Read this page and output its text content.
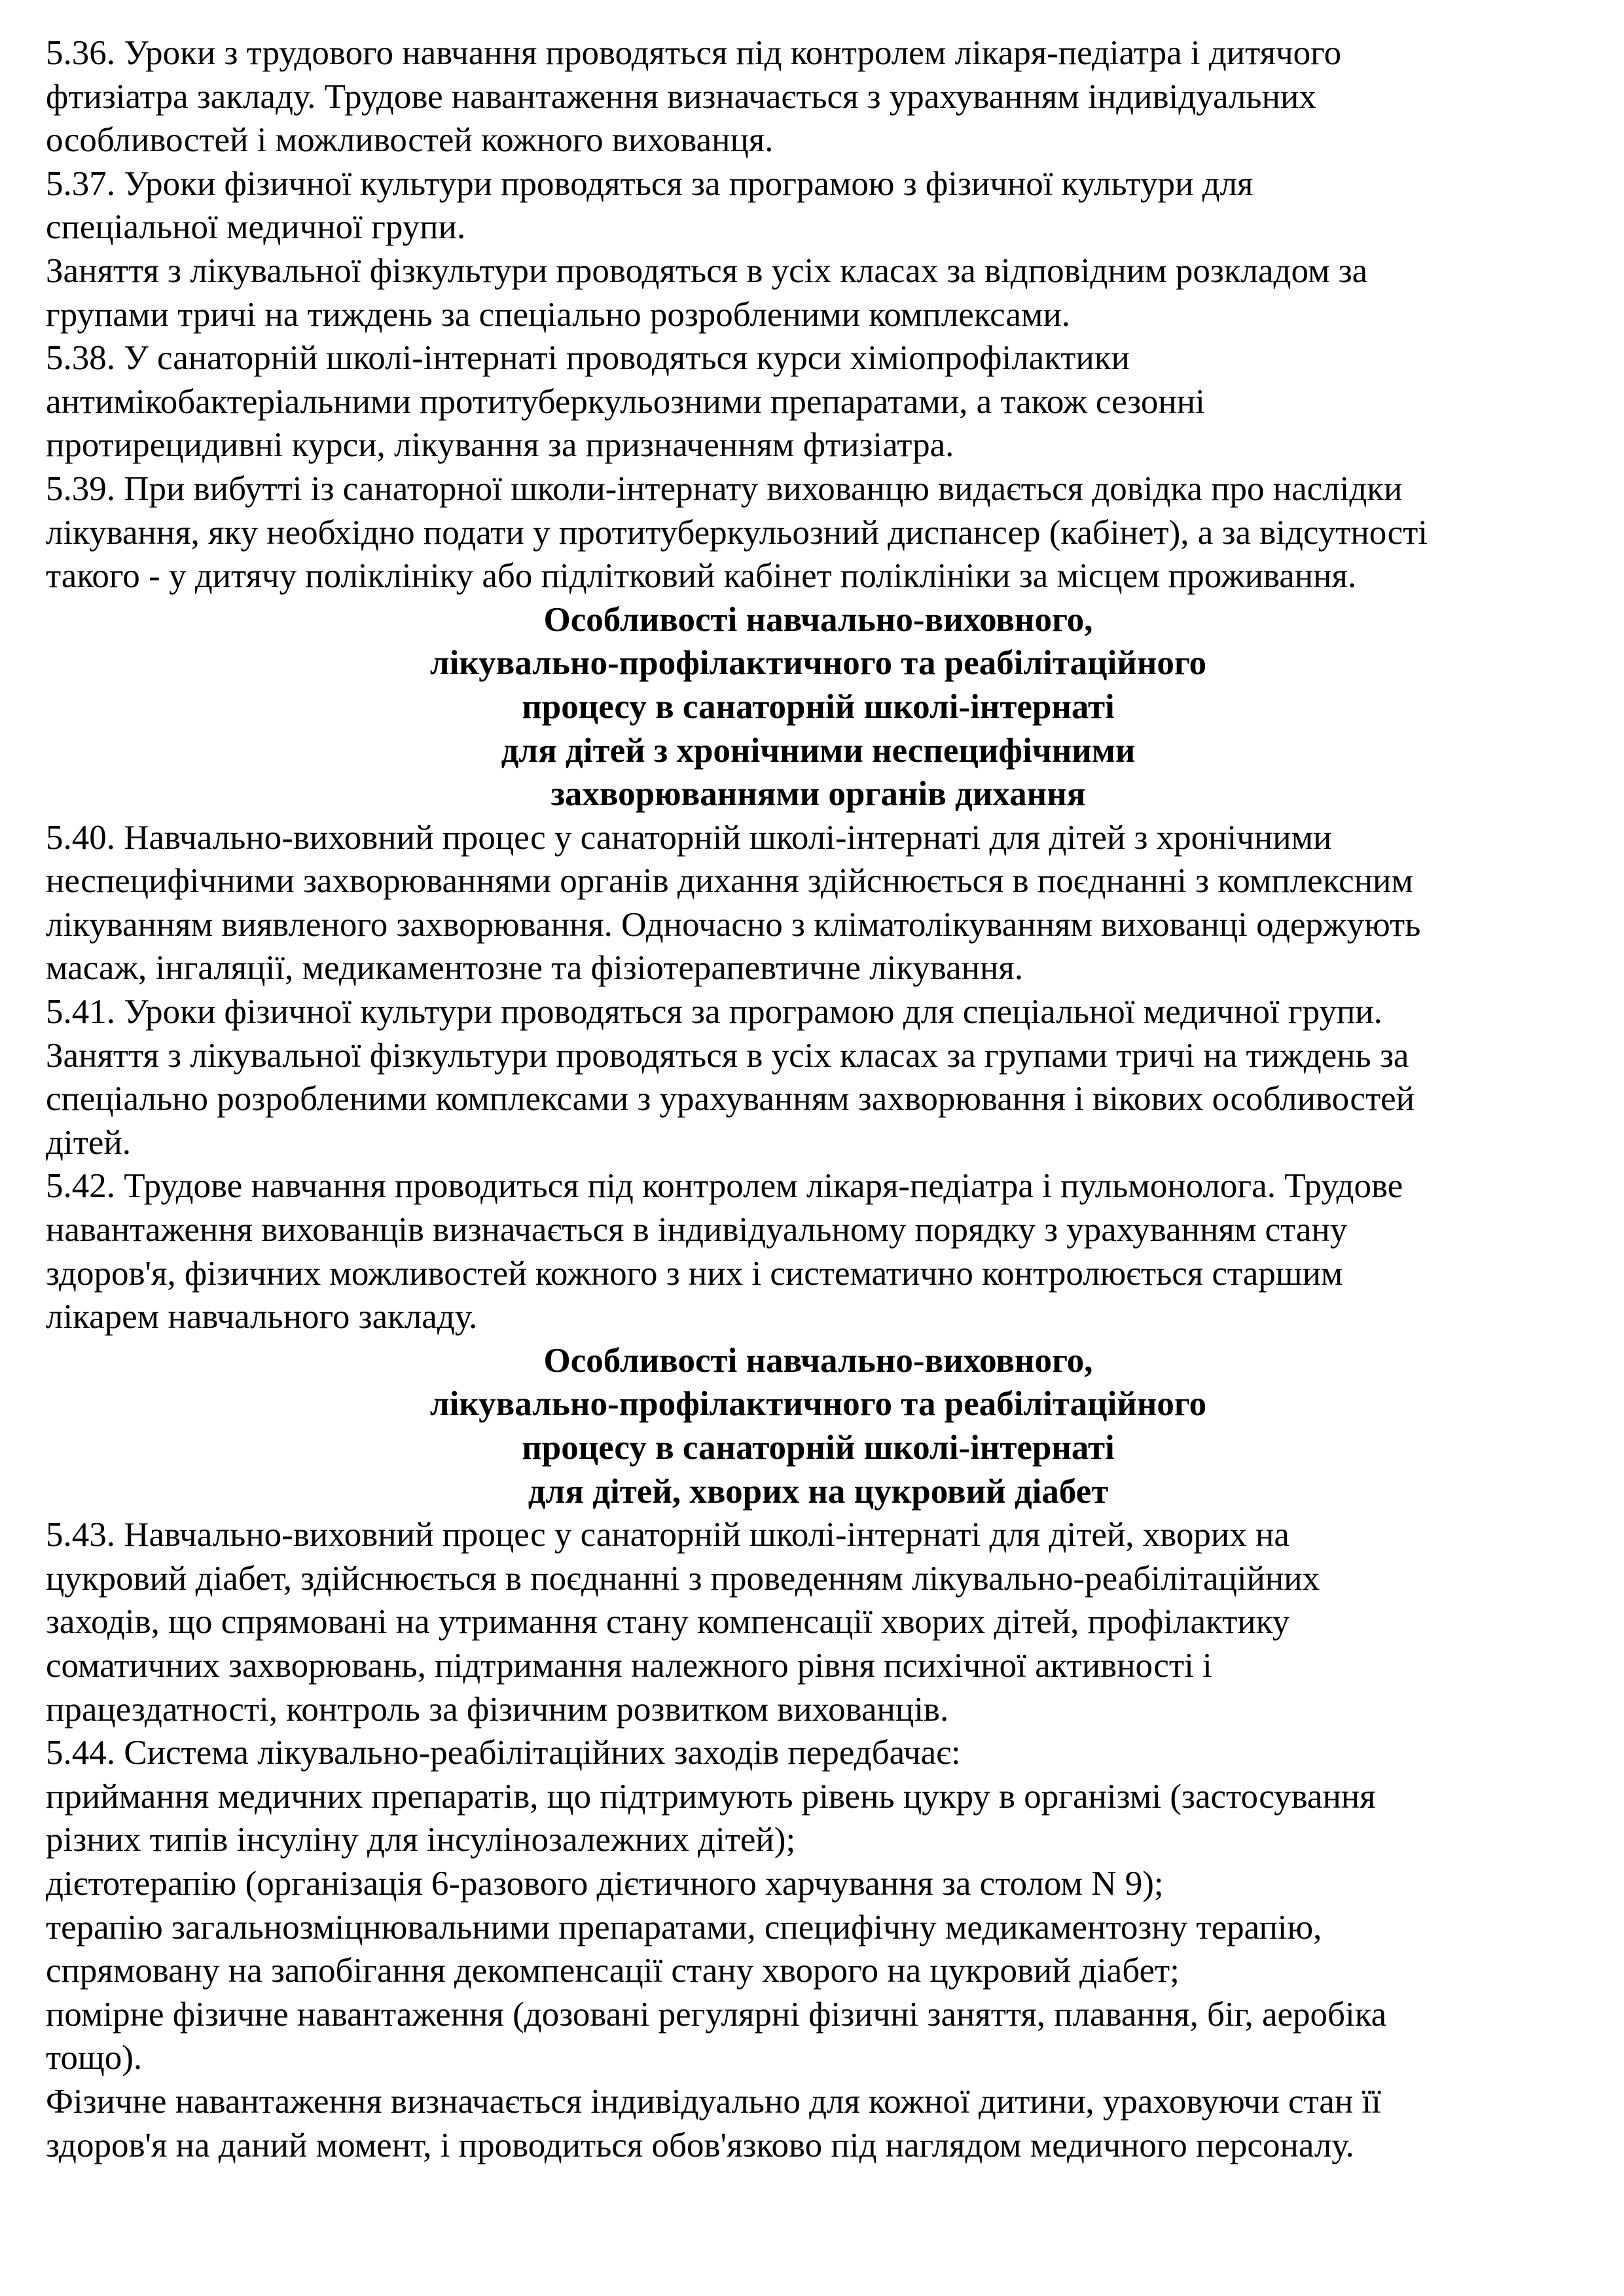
5.36. Уроки з трудового навчання проводяться під контролем лікаря-педіатра і дитячого
фтизіатра закладу. Трудове навантаження визначається з урахуванням індивідуальних
особливостей і можливостей кожного вихованця.

5.37. Уроки фізичної культури проводяться за програмою з фізичної культури для
спеціальної медичної групи.

Заняття з лікувальної фізкультури проводяться в усіх класах за відповідним розкладом за
групами тричі на тиждень за спеціально розробленими комплексами.

5.38. У санаторній школі-інтернаті проводяться курси хіміопрофілактики
антимікобактеріальними протитуберкульозними препаратами, а також сезонні
протирецидивні курси, лікування за призначенням фтизіатра.

5.39. При вибутті із санаторної школи-інтернату вихованцю видається довідка про наслідки
лікування, яку необхідно подати у протитуберкульозний диспансер (кабінет), а за відсутності
такого - у дитячу поліклініку або підлітковий кабінет поліклініки за місцем проживання.

Особливості навчально-виховного,
лікувально-профілактичного та реабілітаційного
процесу в санаторній школі-інтернаті
для дітей з хронічними неспецифічними
захворюваннями органів дихання

5.40. Навчально-виховний процес у санаторній школі-інтернаті для дітей з хронічними
неспецифічними захворюваннями органів дихання здійснюється в поєднанні з комплексним
лікуванням виявленого захворювання. Одночасно з кліматолікуванням вихованці одержують
масаж, інгаляції, медикаментозне та фізіотерапевтичне лікування.

5.41. Уроки фізичної культури проводяться за програмою для спеціальної медичної групи.
Заняття з лікувальної фізкультури проводяться в усіх класах за групами тричі на тиждень за
спеціально розробленими комплексами з урахуванням захворювання і вікових особливостей
дітей.

5.42. Трудове навчання проводиться під контролем лікаря-педіатра і пульмонолога. Трудове
навантаження вихованців визначається в індивідуальному порядку з урахуванням стану
здоров'я, фізичних можливостей кожного з них і систематично контролюється старшим
лікарем навчального закладу.

Особливості навчально-виховного,
лікувально-профілактичного та реабілітаційного
процесу в санаторній школі-інтернаті
для дітей, хворих на цукровий діабет

5.43. Навчально-виховний процес у санаторній школі-інтернаті для дітей, хворих на
цукровий діабет, здійснюється в поєднанні з проведенням лікувально-реабілітаційних
заходів, що спрямовані на утримання стану компенсації хворих дітей, профілактику
соматичних захворювань, підтримання належного рівня психічної активності і
працездатності, контроль за фізичним розвитком вихованців.

5.44. Система лікувально-реабілітаційних заходів передбачає:

приймання медичних препаратів, що підтримують рівень цукру в організмі (застосування
різних типів інсуліну для інсулінозалежних дітей);

дієтотерапію (організація 6-разового дієтичного харчування за столом N 9);

терапію загальнозміцнювальними препаратами, специфічну медикаментозну терапію,
спрямовану на запобігання декомпенсації стану хворого на цукровий діабет;

помірне фізичне навантаження (дозовані регулярні фізичні заняття, плавання, біг, аеробіка
тощо).

Фізичне навантаження визначається індивідуально для кожної дитини, ураховуючи стан її
здоров'я на даний момент, і проводиться обов'язково під наглядом медичного персоналу.
